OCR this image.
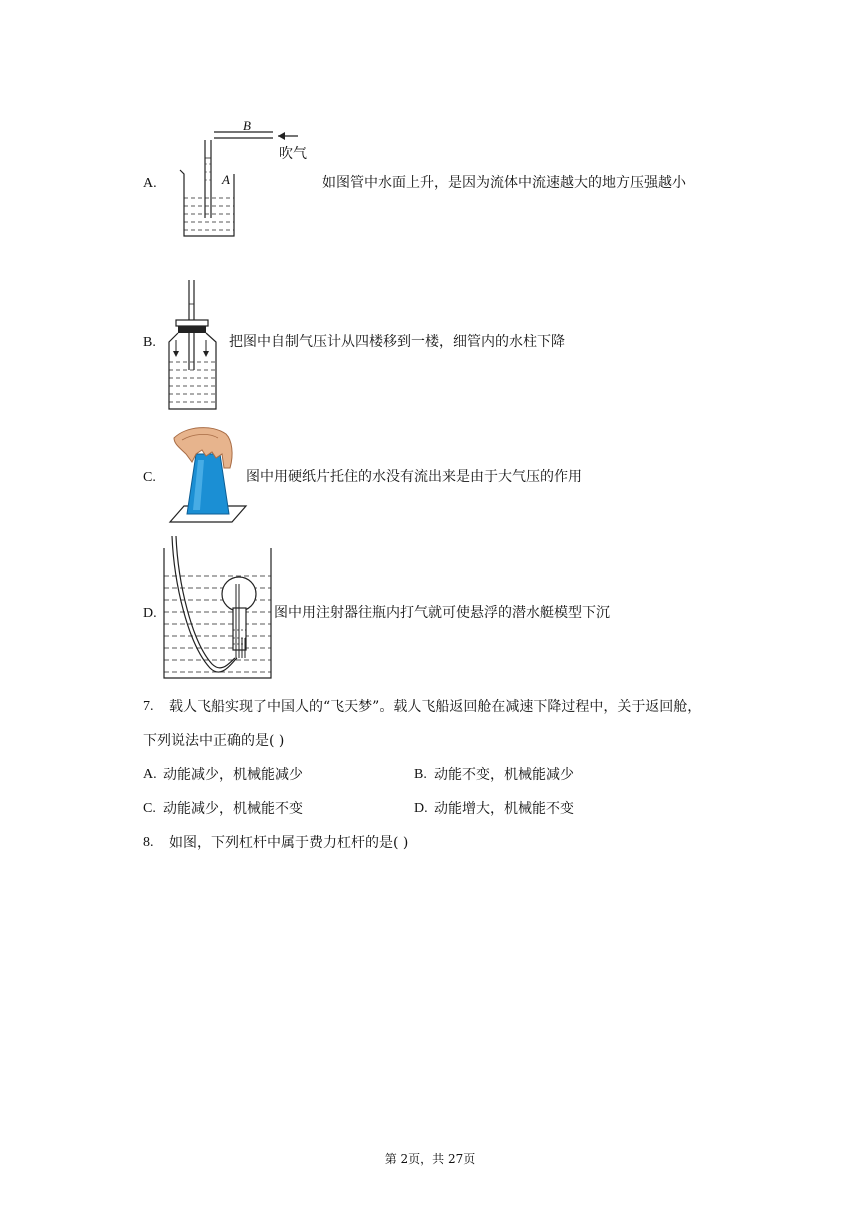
A.
B
A
吹气
如图管中水面上升，是因为流体中流速越大的地方压强越小
B.	把图中自制气压计从四楼移到一楼，细管内的水柱下降
C.	图中用硬纸片托住的水没有流出来是由于大气压的作用
D.	图中用注射器往瓶内打气就可使悬浮的潜水艇模型下沉
7. 载人飞船实现了中国人的“飞天梦”。载人飞船返回舱在减速下降过程中，关于返回舱，
下列说法中正确的是( )
A. 动能减少，机械能减少	B. 动能不变，机械能减少
C. 动能减少，机械能不变	D. 动能增大，机械能不变
8. 如图，下列杠杆中属于费力杠杆的是( )
第 2页，共 27页
